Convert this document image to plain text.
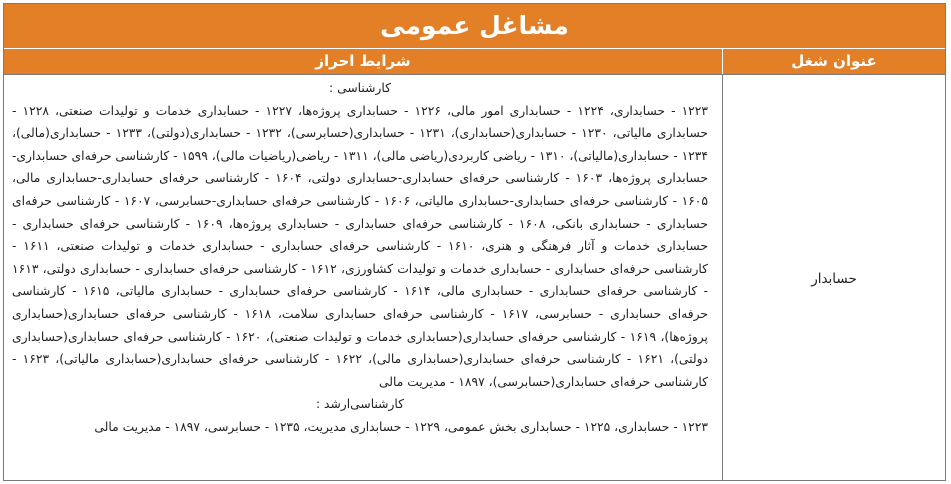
مشاغل عمومی
عنوان شغل
شرایط احراز
حسابدار

کارشناسی :

۱۲۲۳ - حسابداری، ۱۲۲۴ - حسابداری امور مالی، ۱۲۲۶ - حسابداری پروژه‌ها، ۱۲۲۷ - حسابداری خدمات و تولیدات صنعتی، ۱۲۲۸ - حسابداری مالیاتی، ۱۲۳۰ - حسابداری(حسابداری)، ۱۲۳۱ - حسابداری(حسابرسی)، ۱۲۳۲ - حسابداری(دولتی)، ۱۲۳۳ - حسابداری(مالی)، ۱۲۳۴ - حسابداری(مالیاتی)، ۱۳۱۰ - ریاضی کاربردی(ریاضی مالی)، ۱۳۱۱ - ریاضی(ریاضیات مالی)، ۱۵۹۹ - کارشناسی حرفه‌ای حسابداری-حسابداری پروژه‌ها، ۱۶۰۳ - کارشناسی حرفه‌ای حسابداری-حسابداری دولتی، ۱۶۰۴ - کارشناسی حرفه‌ای حسابداری-حسابداری مالی، ۱۶۰۵ - کارشناسی حرفه‌ای حسابداری-حسابداری مالیاتی، ۱۶۰۶ - کارشناسی حرفه‌ای حسابداری-حسابرسی، ۱۶۰۷ - کارشناسی حرفه‌ای حسابداری - حسابداری بانکی، ۱۶۰۸ - کارشناسی حرفه‌ای حسابداری - حسابداری پروژه‌ها، ۱۶۰۹ - کارشناسی حرفه‌ای حسابداری - حسابداری خدمات و آثار فرهنگی و هنری، ۱۶۱۰ - کارشناسی حرفه‌ای حسابداری - حسابداری خدمات و تولیدات صنعتی، ۱۶۱۱ - کارشناسی حرفه‌ای حسابداری - حسابداری خدمات و تولیدات کشاورزی، ۱۶۱۲ - کارشناسی حرفه‌ای حسابداری - حسابداری دولتی، ۱۶۱۳ - کارشناسی حرفه‌ای حسابداری - حسابداری مالی، ۱۶۱۴ - کارشناسی حرفه‌ای حسابداری - حسابداری مالیاتی، ۱۶۱۵ - کارشناسی حرفه‌ای حسابداری - حسابرسی، ۱۶۱۷ - کارشناسی حرفه‌ای حسابداری سلامت، ۱۶۱۸ - کارشناسی حرفه‌ای حسابداری(حسابداری پروژه‌ها)، ۱۶۱۹ - کارشناسی حرفه‌ای حسابداری(حسابداری خدمات و تولیدات صنعتی)، ۱۶۲۰ - کارشناسی حرفه‌ای حسابداری(حسابداری دولتی)، ۱۶۲۱ - کارشناسی حرفه‌ای حسابداری(حسابداری مالی)، ۱۶۲۲ - کارشناسی حرفه‌ای حسابداری(حسابداری مالیاتی)، ۱۶۲۳ - کارشناسی حرفه‌ای حسابداری(حسابرسی)، ۱۸۹۷ - مدیریت مالی

کارشناسی‌ارشد :

۱۲۲۳ - حسابداری، ۱۲۲۵ - حسابداری بخش عمومی، ۱۲۲۹ - حسابداری مدیریت، ۱۲۳۵ - حسابرسی، ۱۸۹۷ - مدیریت مالی
